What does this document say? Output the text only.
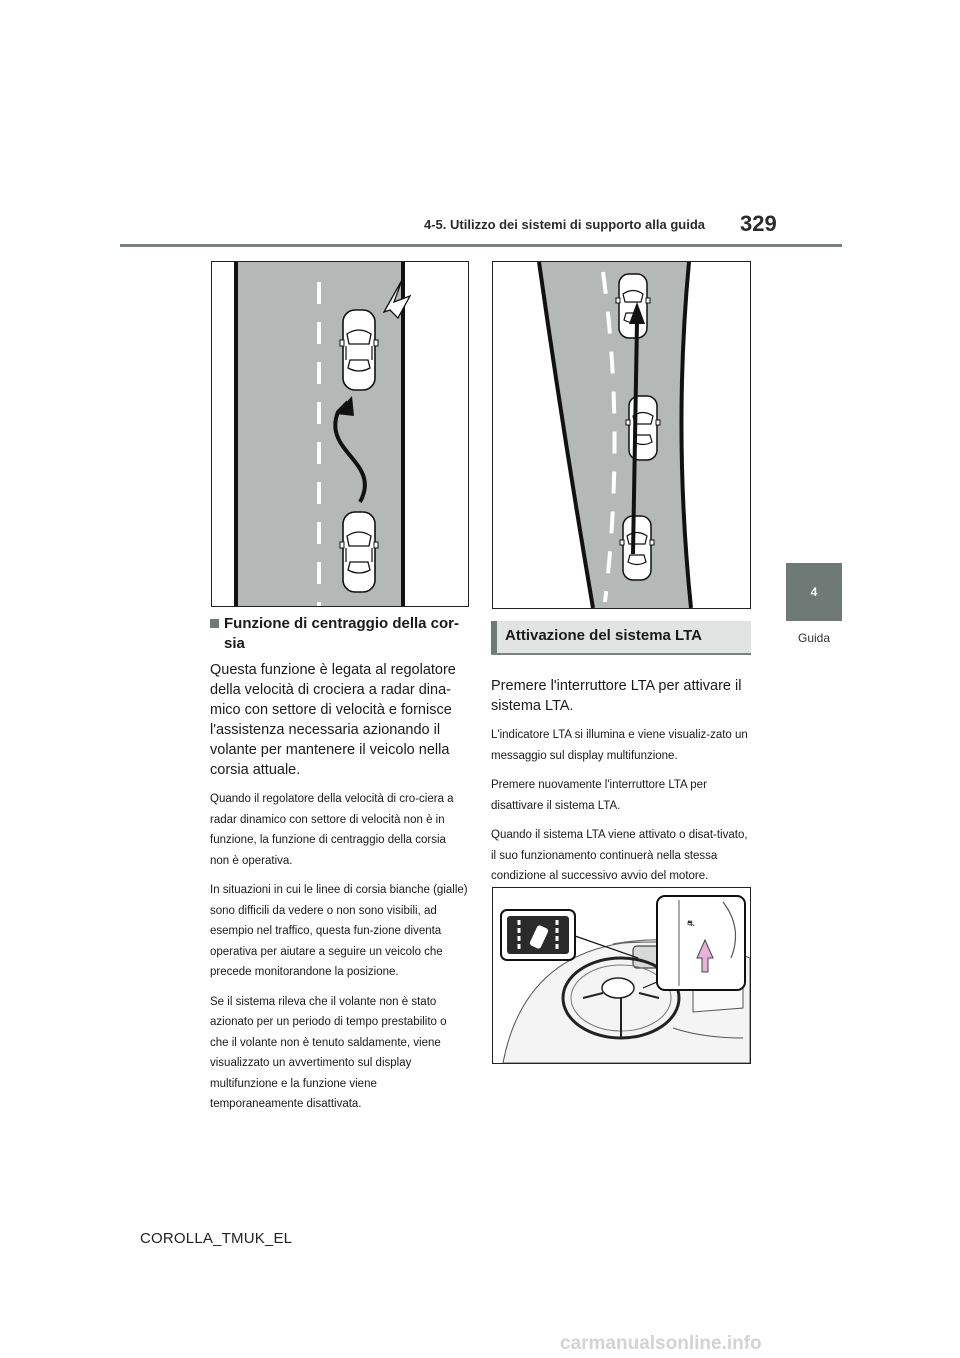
4-5. Utilizzo dei sistemi di supporto alla guida 329
4
Guida
⛐
Funzione di centraggio della cor-sia

Questa funzione è legata al regolatore della velocità di crociera a radar dina-mico con settore di velocità e fornisce l'assistenza necessaria azionando il volante per mantenere il veicolo nella corsia attuale.

Quando il regolatore della velocità di cro-ciera a radar dinamico con settore di velocità non è in funzione, la funzione di centraggio della corsia non è operativa.

In situazioni in cui le linee di corsia bianche (gialle) sono difficili da vedere o non sono visibili, ad esempio nel traffico, questa fun-zione diventa operativa per aiutare a seguire un veicolo che precede monitorandone la posizione.

Se il sistema rileva che il volante non è stato azionato per un periodo di tempo prestabilito o che il volante non è tenuto saldamente, viene visualizzato un avvertimento sul display multifunzione e la funzione viene temporaneamente disattivata.

Attivazione del sistema LTA

Premere l'interruttore LTA per attivare il sistema LTA.

L'indicatore LTA si illumina e viene visualiz-zato un messaggio sul display multifunzione.

Premere nuovamente l'interruttore LTA per disattivare il sistema LTA.

Quando il sistema LTA viene attivato o disat-tivato, il suo funzionamento continuerà nella stessa condizione al successivo avvio del motore.

COROLLA_TMUK_EL
carmanualsonline.info
